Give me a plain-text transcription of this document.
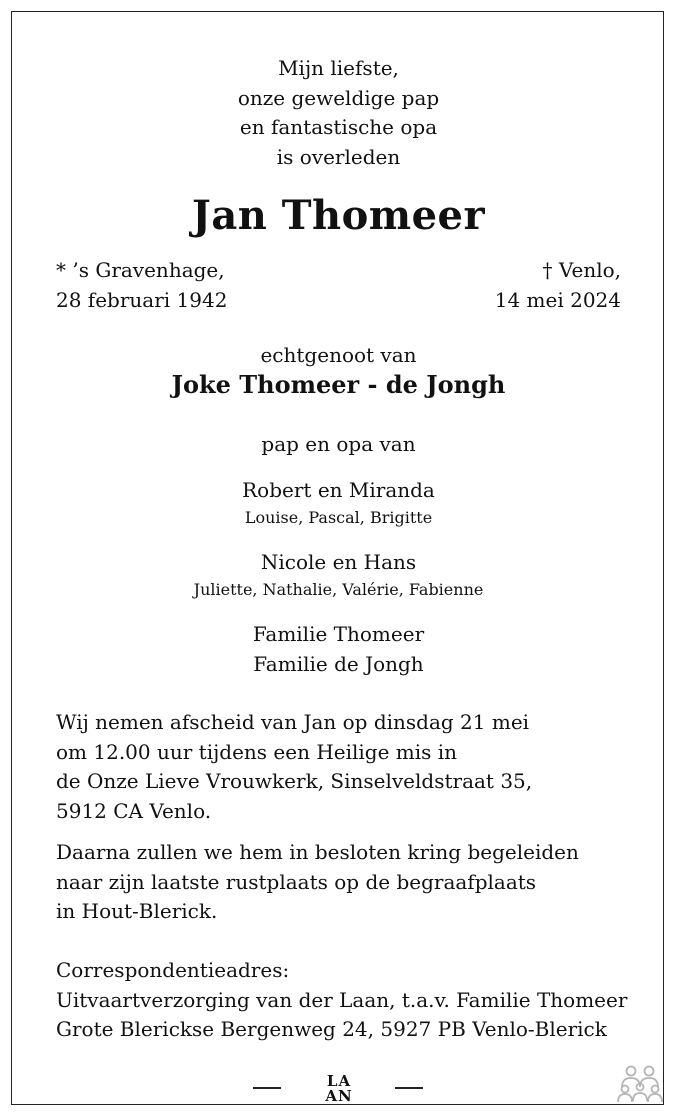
Mijn liefste,
onze geweldige pap
en fantastische opa
is overleden
Jan Thomeer
* ’s Gravenhage,
28 februari 1942
† Venlo,
14 mei 2024
echtgenoot van
Joke Thomeer - de Jongh
pap en opa van
Robert en Miranda
Louise, Pascal, Brigitte
Nicole en Hans
Juliette, Nathalie, Valérie, Fabienne
Familie Thomeer
Familie de Jongh
Wij nemen afscheid van Jan op dinsdag 21 mei
om 12.00 uur tijdens een Heilige mis in
de Onze Lieve Vrouwkerk, Sinselveldstraat 35,
5912 CA Venlo.
Daarna zullen we hem in besloten kring begeleiden
naar zijn laatste rustplaats op de begraafplaats
in Hout-Blerick.
Correspondentieadres:
Uitvaartverzorging van der Laan, t.a.v. Familie Thomeer
Grote Blerickse Bergenweg 24, 5927 PB Venlo-Blerick
LA
AN
